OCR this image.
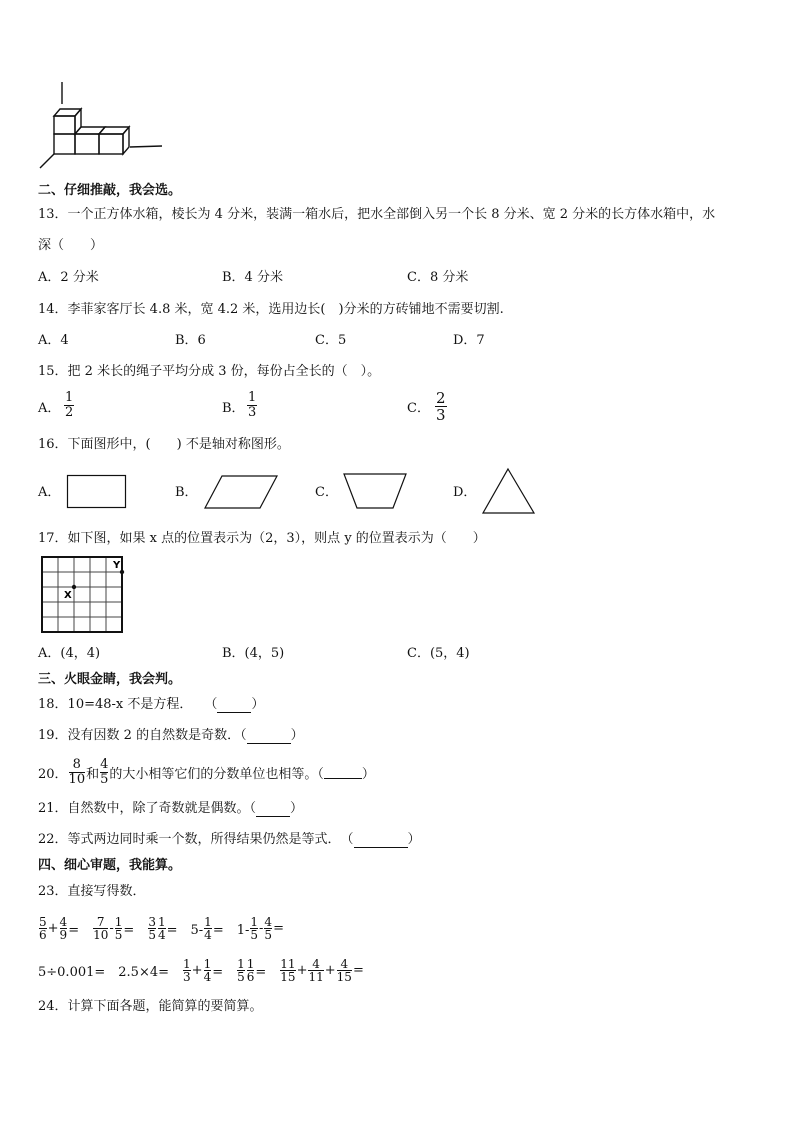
二、仔细推敲，我会选。
13．一个正方体水箱，棱长为 4 分米，装满一箱水后，把水全部倒入另一个长 8 分米、宽 2 分米的长方体水箱中，水
深（　　）
A．2 分米	B．4 分米	C．8 分米
14．李菲家客厅长 4.8 米，宽 4.2 米，选用边长(　)分米的方砖铺地不需要切割.
A．4	B．6	C．5	D．7
15．把 2 米长的绳子平均分成 3 份，每份占全长的（　）。
A． $\frac{1}{2}$	B． $\frac{1}{3}$	C． $\frac{2}{3}$
16．下面图形中，(　　) 不是轴对称图形。
A．	B．	C．	D．
17．如下图，如果 x 点的位置表示为（2，3），则点 y 的位置表示为（　　）
X
Y
A．(4，4)	B．(4，5)	C．(5，4)
三、火眼金睛，我会判。
18．10=48-x 不是方程．　 （	）
19．没有因数 2 的自然数是奇数．（	）
20．
8
10 和
4
5 的大小相等它们的分数单位也相等。（	）
21．自然数中，除了奇数就是偶数。（	）
22．等式两边同时乘一个数，所得结果仍然是等式．　（	）
四、细心审题，我能算。
23．直接写得数．
5
$6 + \frac{4}{9}$ =　 $\frac{7}{10} - \frac{1}{5}$ =　 $\frac{3}{5} \frac{1}{4}$ =　$5- \frac{1}{4}$ =　1-
1
$5 - \frac{4}{5}$ =
5÷0.001=　2.5×4=　
1
$3 + \frac{1}{4}$ =　 $\frac{1}{5} \frac{1}{6}$ =　 $\frac{11}{15} + \frac{4}{11} + \frac{4}{15}$ =
24．计算下面各题，能简算的要简算。
